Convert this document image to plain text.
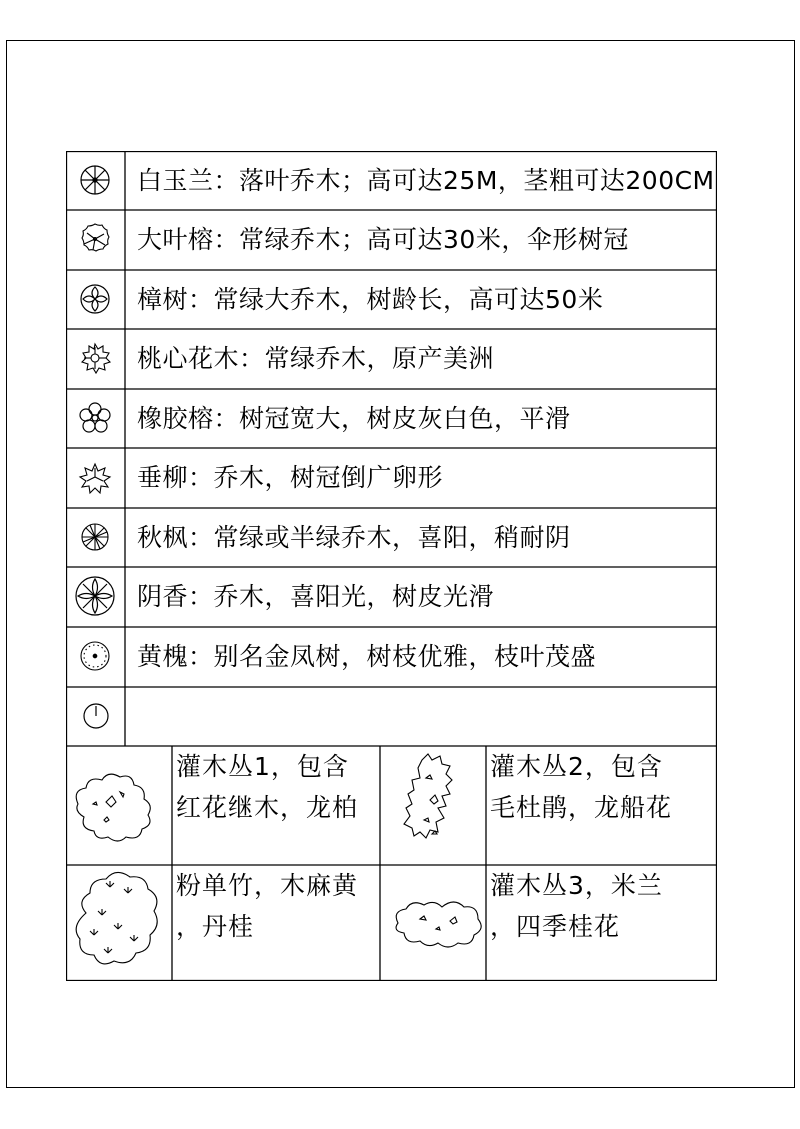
白玉兰：落叶乔木；高可达25M，茎粗可达200CM
大叶榕：常绿乔木；高可达30米，伞形树冠
樟树：常绿大乔木，树龄长，高可达50米
桃心花木：常绿乔木，原产美洲
橡胶榕：树冠宽大，树皮灰白色，平滑
垂柳：乔木，树冠倒广卵形
秋枫：常绿或半绿乔木，喜阳，稍耐阴
阴香：乔木，喜阳光，树皮光滑
黄槐：别名金凤树，树枝优雅，枝叶茂盛
灌木丛1，包含
红花继木，龙柏
灌木丛2，包含
毛杜鹃，龙船花
粉单竹，木麻黄
，丹桂
灌木丛3，米兰
，四季桂花
